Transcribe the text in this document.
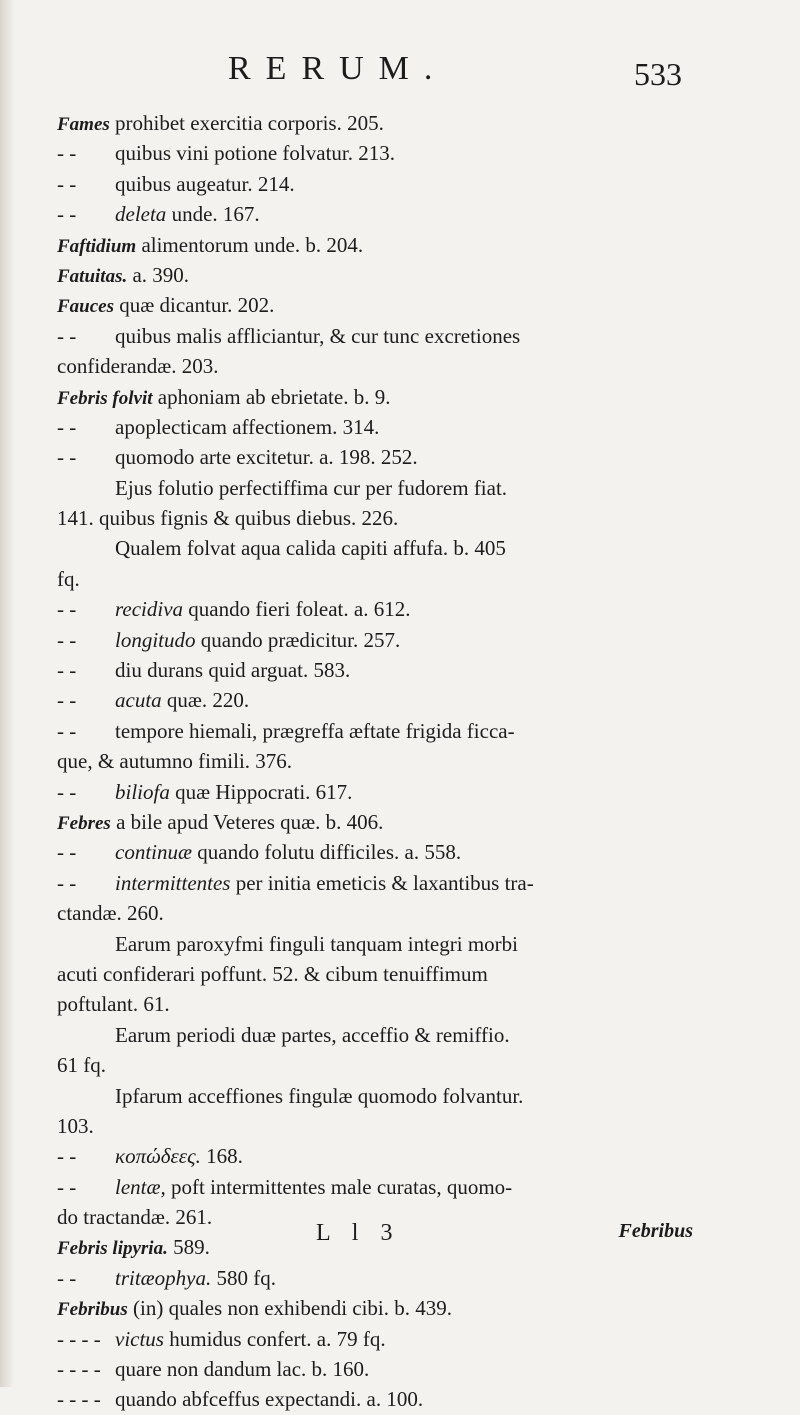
RERUM.	533
Fames prohibet exercitia corporis. 205.
- - quibus vini potione folvatur. 213.
- - quibus augeatur. 214.
- - deleta unde. 167.
Faftidium alimentorum unde. b. 204.
Fatuitas. a. 390.
Fauces quæ dicantur. 202.
- - quibus malis affliciantur, & cur tunc excretiones
confiderandæ. 203.
Febris folvit aphoniam ab ebrietate. b. 9.
- - apoplecticam affectionem. 314.
- - quomodo arte excitetur. a. 198. 252.
Ejus folutio perfectiffima cur per fudorem fiat.
141. quibus fignis & quibus diebus. 226.
Qualem folvat aqua calida capiti affufa. b. 405
fq.
- - recidiva quando fieri foleat. a. 612.
- - longitudo quando prædicitur. 257.
- - diu durans quid arguat. 583.
- - acuta quæ. 220.
- - tempore hiemali, prægreffa æftate frigida ficca-
que, & autumno fimili. 376.
- - biliofa quæ Hippocrati. 617.
Febres a bile apud Veteres quæ. b. 406.
- - continuæ quando folutu difficiles. a. 558.
- - intermittentes per initia emeticis & laxantibus tra-
ctandæ. 260.
Earum paroxyfmi finguli tanquam integri morbi
acuti confiderari poffunt. 52. & cibum tenuiffimum
poftulant. 61.
Earum periodi duæ partes, acceffio & remiffio.
61 fq.
Ipfarum acceffiones fingulæ quomodo folvantur.
103.
- - κοπώδεες. 168.
- - lentæ, poft intermittentes male curatas, quomo-
do tractandæ. 261.
Febris lipyria. 589.
- - tritæophya. 580 fq.
Febribus (in) quales non exhibendi cibi. b. 439.
- - - - victus humidus confert. a. 79 fq.
- - - - quare non dandum lac. b. 160.
- - - - quando abfceffus expectandi. a. 100.
L l 3	Febribus
